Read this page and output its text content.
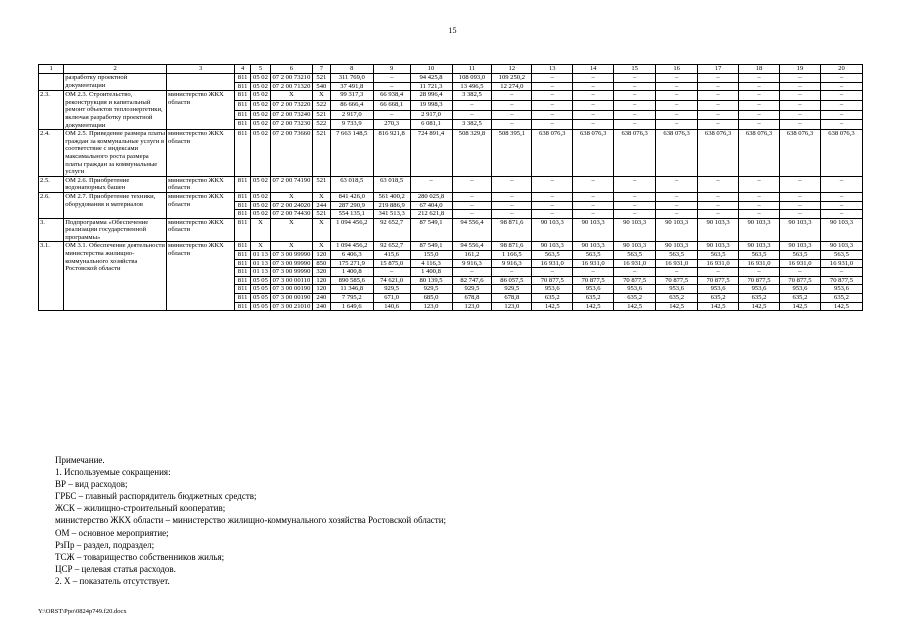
15
1	2	3	4	5	6	7	8	9	10	11	12	13	14	15	16	17	18	19	20
	разработку проектной документации		811	05 02	07 2 00 73210	521	311 769,0	–	94 425,8	108 093,0	109 250,2	–	–	–	–	–	–	–	–
			811	05 02	07 2 00 71320	540	37 491,8	–	11 721,3	13 496,5	12 274,0	–	–	–	–	–	–	–	–
2.3.	ОМ 2.3. Строительство, реконструкция и капитальный ремонт объектов теплоэнергетики, включая разработку проектной документации	министерство ЖКХ области	811	05 02	Х	Х	99 317,3	66 938,4	28 996,4	3 382,5	–	–	–	–	–	–	–	–	–
			811	05 02	07 2 00 73220	522	86 666,4	66 668,1	19 998,3	–	–	–	–	–	–	–	–	–	–
			811	05 02	07 2 00 73240	521	2 917,0	–	2 917,0	–	–	–	–	–	–	–	–	–	–
			811	05 02	07 2 00 73230	522	9 733,9	270,3	6 081,1	3 382,5	–	–	–	–	–	–	–	–	–
2.4.	ОМ 2.5. Приведение размера платы граждан за коммунальные услуги в соответствие с индексами максимального роста размера платы граждан за коммунальные услуги	министерство ЖКХ области	811	05 02	07 2 00 73660	521	7 663 148,5	816 921,8	724 891,4	508 329,8	508 395,1	638 076,3	638 076,3	638 076,3	638 076,3	638 076,3	638 076,3	638 076,3	638 076,3
2.5.	ОМ 2.6. Приобретение водонапорных башен	министерство ЖКХ области	811	05 02	07 2 00 74190	521	63 018,5	63 018,5	–	–	–	–	–	–	–	–	–	–	–
2.6.	ОМ 2.7. Приобретение техники, оборудования и материалов	министерство ЖКХ области	811	05 02	Х	Х	841 426,0	561 400,2	280 025,8	–	–	–	–	–	–	–	–	–	–
			811	05 02	07 2 00 24020	244	287 290,9	219 886,9	67 404,0	–	–	–	–	–	–	–	–	–	–
			811	05 02	07 2 00 74430	521	554 135,1	341 513,3	212 621,8	–	–	–	–	–	–	–	–	–	–
3.	Подпрограмма «Обеспечение реализации государственной программы»	министерство ЖКХ области	811	Х	Х	Х	1 094 456,2	92 652,7	87 549,1	94 556,4	98 871,6	90 103,3	90 103,3	90 103,3	90 103,3	90 103,3	90 103,3	90 103,3	90 103,3
3.1.	ОМ 3.1. Обеспечение деятельности министерства жилищно-коммунального хозяйства Ростовской области	министерство ЖКХ области	811	Х	Х	Х	1 094 456,2	92 652,7	87 549,1	94 556,4	98 871,6	90 103,3	90 103,3	90 103,3	90 103,3	90 103,3	90 103,3	90 103,3	90 103,3
			811	01 13	07 3 00 99990	120	6 406,3	415,6	155,0	161,2	1 166,5	563,5	563,5	563,5	563,5	563,5	563,5	563,5	563,5
			811	01 13	07 3 00 99990	850	175 271,9	15 875,0	4 116,3	9 916,3	9 916,3	16 931,0	16 931,0	16 931,0	16 931,0	16 931,0	16 931,0	16 931,0	16 931,0
			811	01 13	07 3 00 99990	320	1 400,8	–	1 400,8	–	–	–	–	–	–	–	–	–	–
			811	05 05	07 3 00 00110	120	890 585,6	74 621,0	80 139,5	82 747,6	86 057,5	70 877,5	70 877,5	70 877,5	70 877,5	70 877,5	70 877,5	70 877,5	70 877,5
			811	05 05	07 3 00 00190	120	11 346,8	929,5	929,5	929,5	929,5	953,6	953,6	953,6	953,6	953,6	953,6	953,6	953,6
			811	05 05	07 3 00 00190	240	7 795,2	671,0	685,0	678,8	678,8	635,2	635,2	635,2	635,2	635,2	635,2	635,2	635,2
			811	05 05	07 3 00 21010	240	1 649,6	140,6	123,0	123,0	123,0	142,5	142,5	142,5	142,5	142,5	142,5	142,5	142,5
Примечание.
1. Используемые сокращения:
ВР – вид расходов;
ГРБС – главный распорядитель бюджетных средств;
ЖСК – жилищно-строительный кооператив;
министерство ЖКХ области – министерство жилищно-коммунального хозяйства Ростовской области;
ОМ – основное мероприятие;
РзПр – раздел, подраздел;
ТСЖ – товарищество собственников жилья;
ЦСР – целевая статья расходов.
2. Х – показатель отсутствует.
Y:\ORST\Ppo\0824p749.f20.docx
